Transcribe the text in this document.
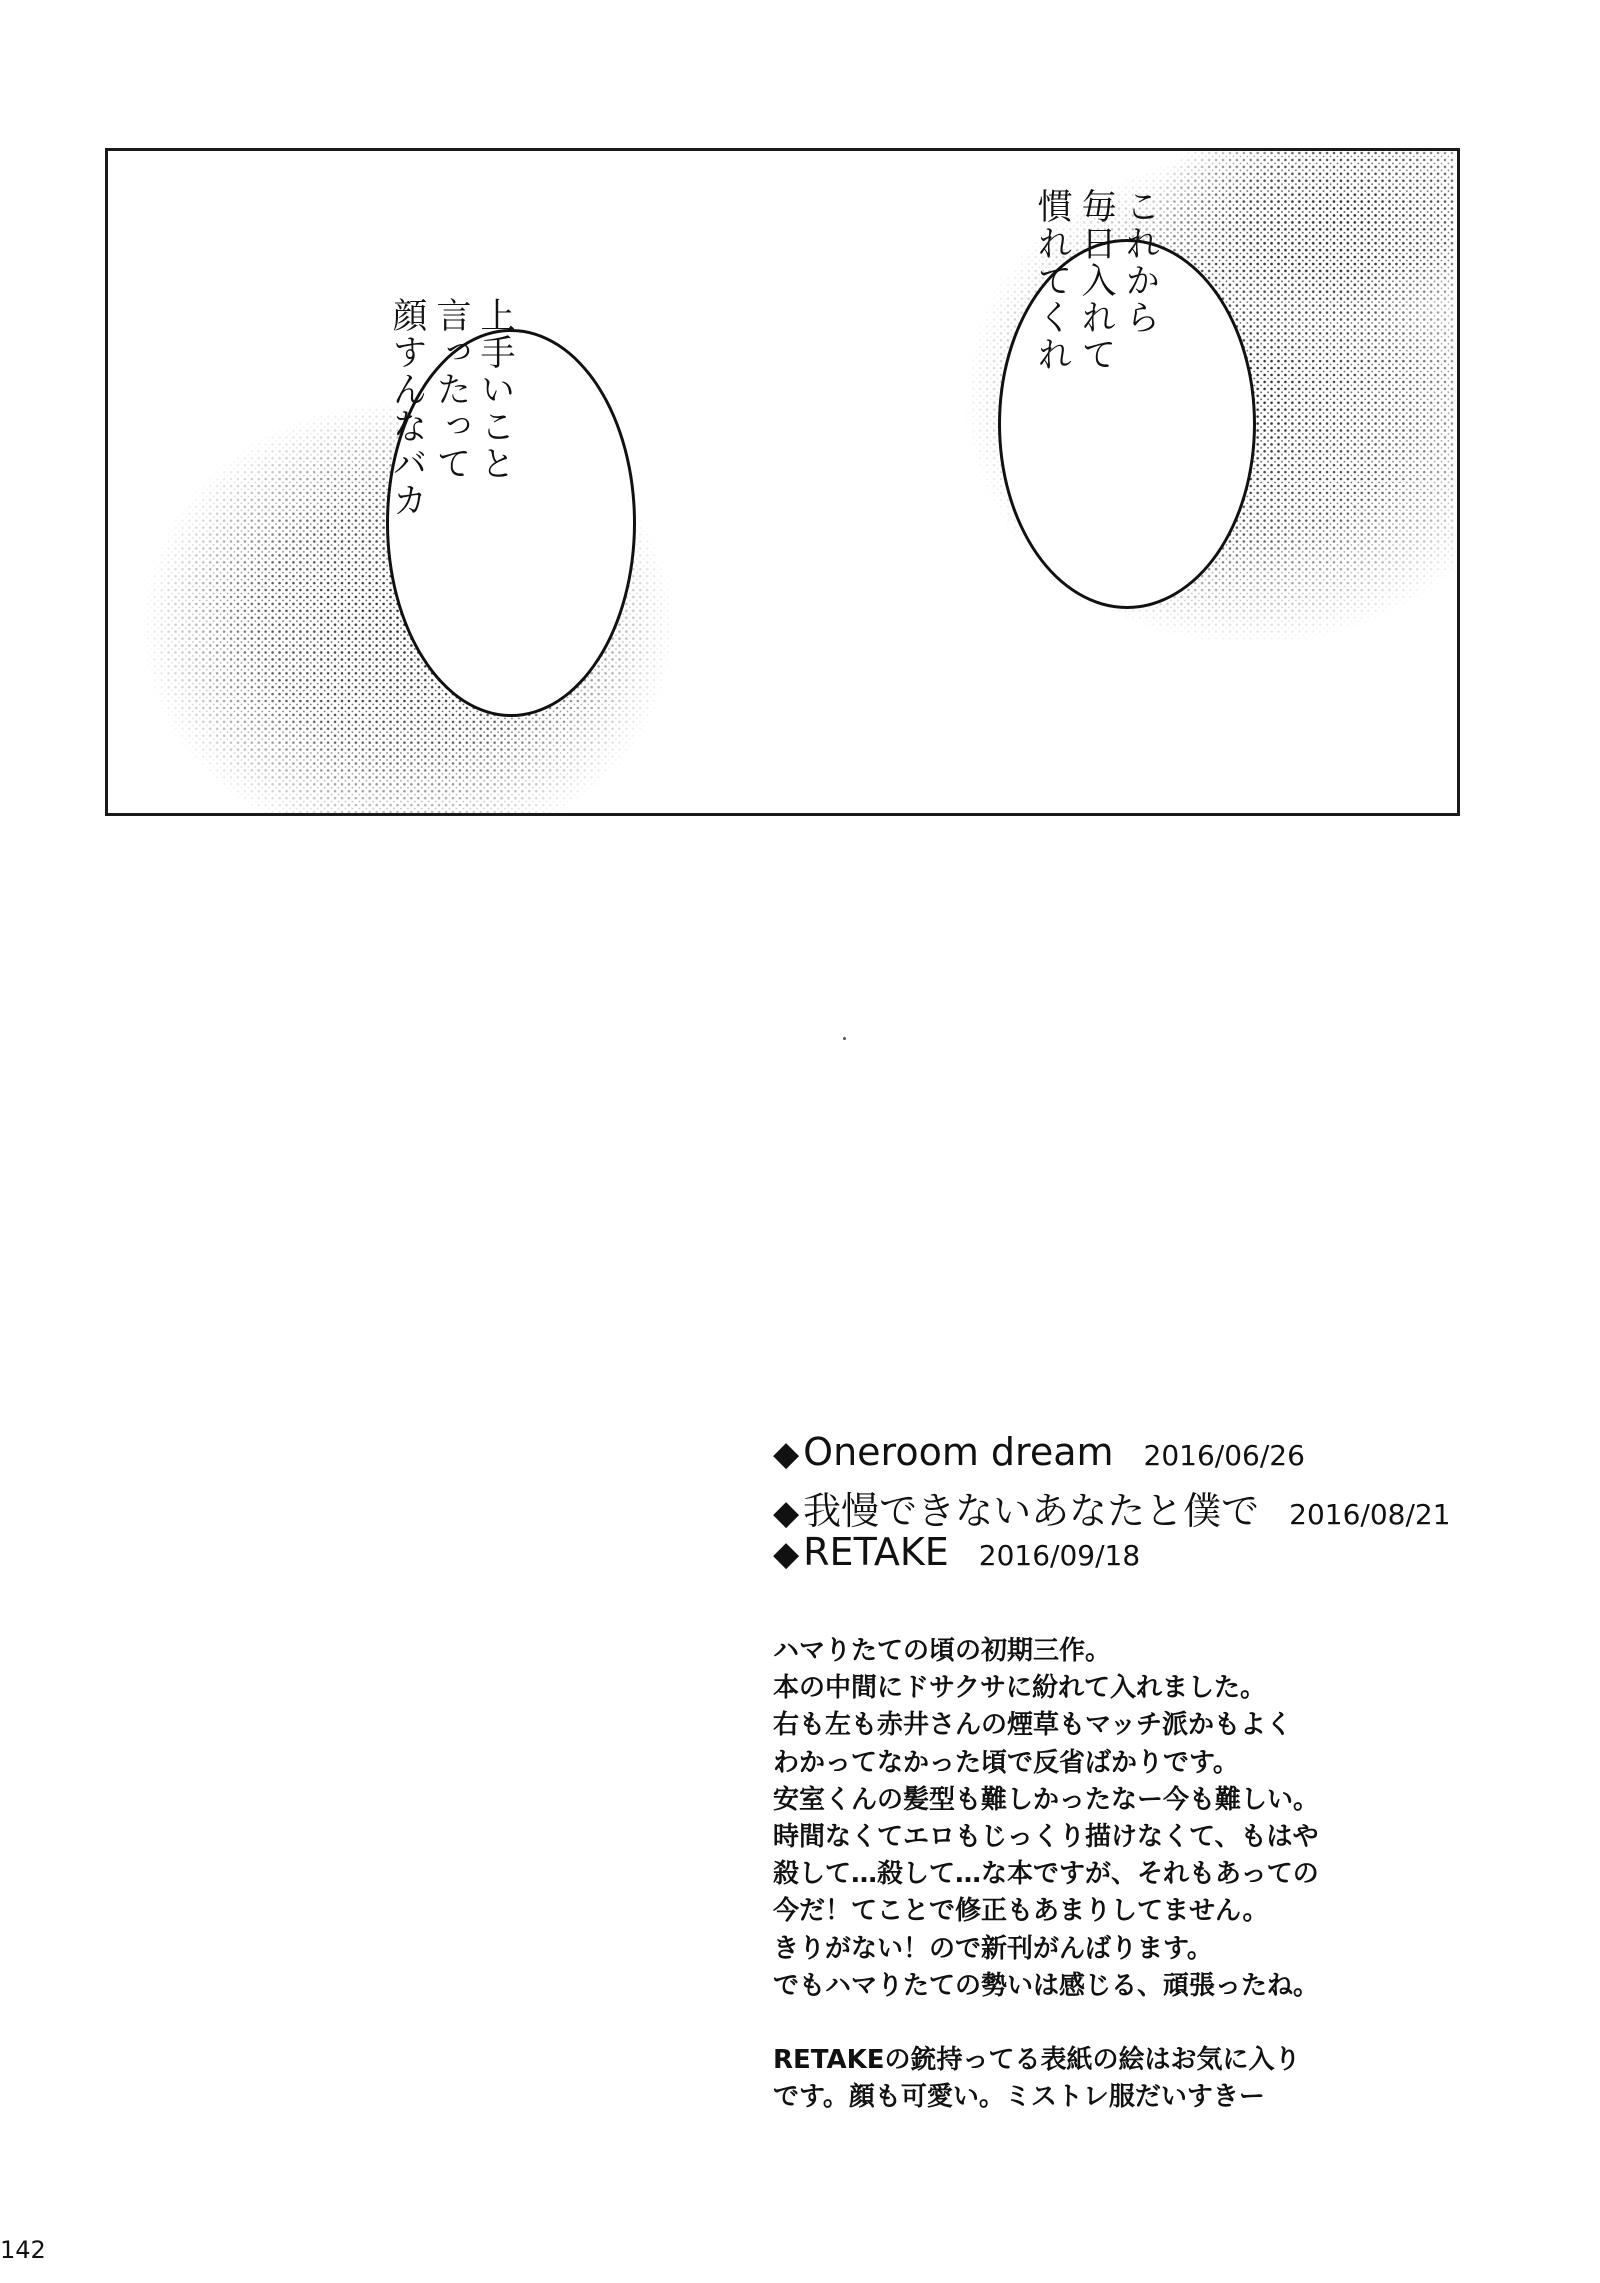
上手いこと
言ったって
顔すんなバカ
これから
毎日入れて
慣れてくれ
◆ Oneroom dream 2016/06/26
◆ 我慢できないあなたと僕で 2016/08/21
◆ RETAKE 2016/09/18
ハマりたての頃の初期三作。
本の中間にドサクサに紛れて入れました。
右も左も赤井さんの煙草もマッチ派かもよく
わかってなかった頃で反省ばかりです。
安室くんの髪型も難しかったなー今も難しい。
時間なくてエロもじっくり描けなくて、もはや
殺して…殺して…な本ですが、それもあっての
今だ！てことで修正もあまりしてません。
きりがない！ので新刊がんばります。
でもハマりたての勢いは感じる、頑張ったね。
RETAKEの銃持ってる表紙の絵はお気に入り
です。顔も可愛い。ミストレ服だいすきー
142
